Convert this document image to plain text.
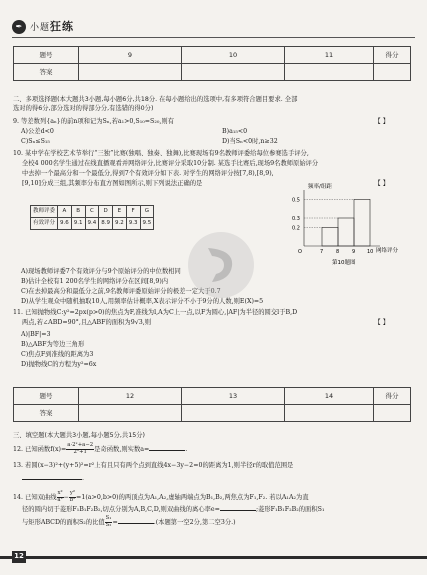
✒ 小题狂练
题号	9	10	11	得分
答案				
二、多项选择题(本大题共3小题,每小题6分,共18分. 在每小题给出的选项中,有多项符合题目要求. 全部
选对的得6分,部分选对的得部分分,有选错的得0分)
9. 等差数列{aₙ}的前n项和记为Sₙ,若a₁>0,S₁₀=S₂₀,则有	【 】
A)公差d<0	B)a₁₅<0
C)Sₙ≤S₁₅	D)当Sₙ<0时,n≥32
10. 某中学在学校艺术节举行“三独”比赛(独唱、独奏、独舞),比赛现场有9名教师评委给每位参赛选手评分,
全校4 000名学生通过在线直播观看并网络评分,比赛评分采取10分制. 某选手比赛后,现场9名教师原始评分
中去掉一个最高分和一个最低分,得到7个有效评分如下表. 对学生的网络评分按[7,8),[8,9),
[9,10]分成三组,其频率分布直方图如图所示,则下列说法正确的是	【 】
教师评委	A	B	C	D	E	F	G
有效评分	9.6	9.1	9.4	8.9	9.2	9.3	9.5
频率/组距
网络评分
第10题图
0.5
0.3
0.2
O	7	8	9 10
A)现场教师评委7个有效评分与9个原始评分的中位数相同
B)估计全校有1 200名学生的网络评分在区间[8,9)内
C)在去掉最高分和最低分之前,9名教师评委原始评分的极差一定大于0.7
D)从学生观众中随机抽取10人,用频率估计概率,X表示评分不小于9分的人数,则E(X)=5
11. 已知抛物线C:y²=2px(p>0)的焦点为F,准线为l,A为C上一点,以F为圆心,|AF|为半径的圆交l于B,D
两点,若∠ABD=90°,且△ABF的面积为9√3,则	【 】
A)|BF|=3
B)△ABF为等边三角形
C)焦点F到准线的距离为3
D)抛物线C的方程为y²=6x
题号	12	13	14	得分
答案				
三、填空题(本大题共3小题,每小题5分,共15分)
12. 已知函数$f(x)= \frac{\text{a·2ˣ+a−2}}{\text{2ˣ+1}}$ 是奇函数,则实数a=	.
13. 若圆(x−3)²+(y+5)²=r²上有且只有两个点到直线4x−3y−2=0的距离为1,则半径r的取值范围是
.
14. 已知双曲线 $\frac{\text{x²}}{\text{a²}} - \frac{\text{y²}}{\text{b²}} =1(a>0,b>0)$的两顶点为A₁,A₂,虚轴两端点为B₁,B₂,两焦点为F₁,F₂. 若以A₁A₂为直
径的圆内切于菱形F₁B₁F₂B₂,切点分别为A,B,C,D,则双曲线的离心率e=	;菱形F₁B₁F₂B₂的面积S₁
与矩形ABCD的面积S₂的比值 $\frac{\text{S₁}}{\text{S₂}}$ =	.(本题第一空2分,第二空3分.)
12
